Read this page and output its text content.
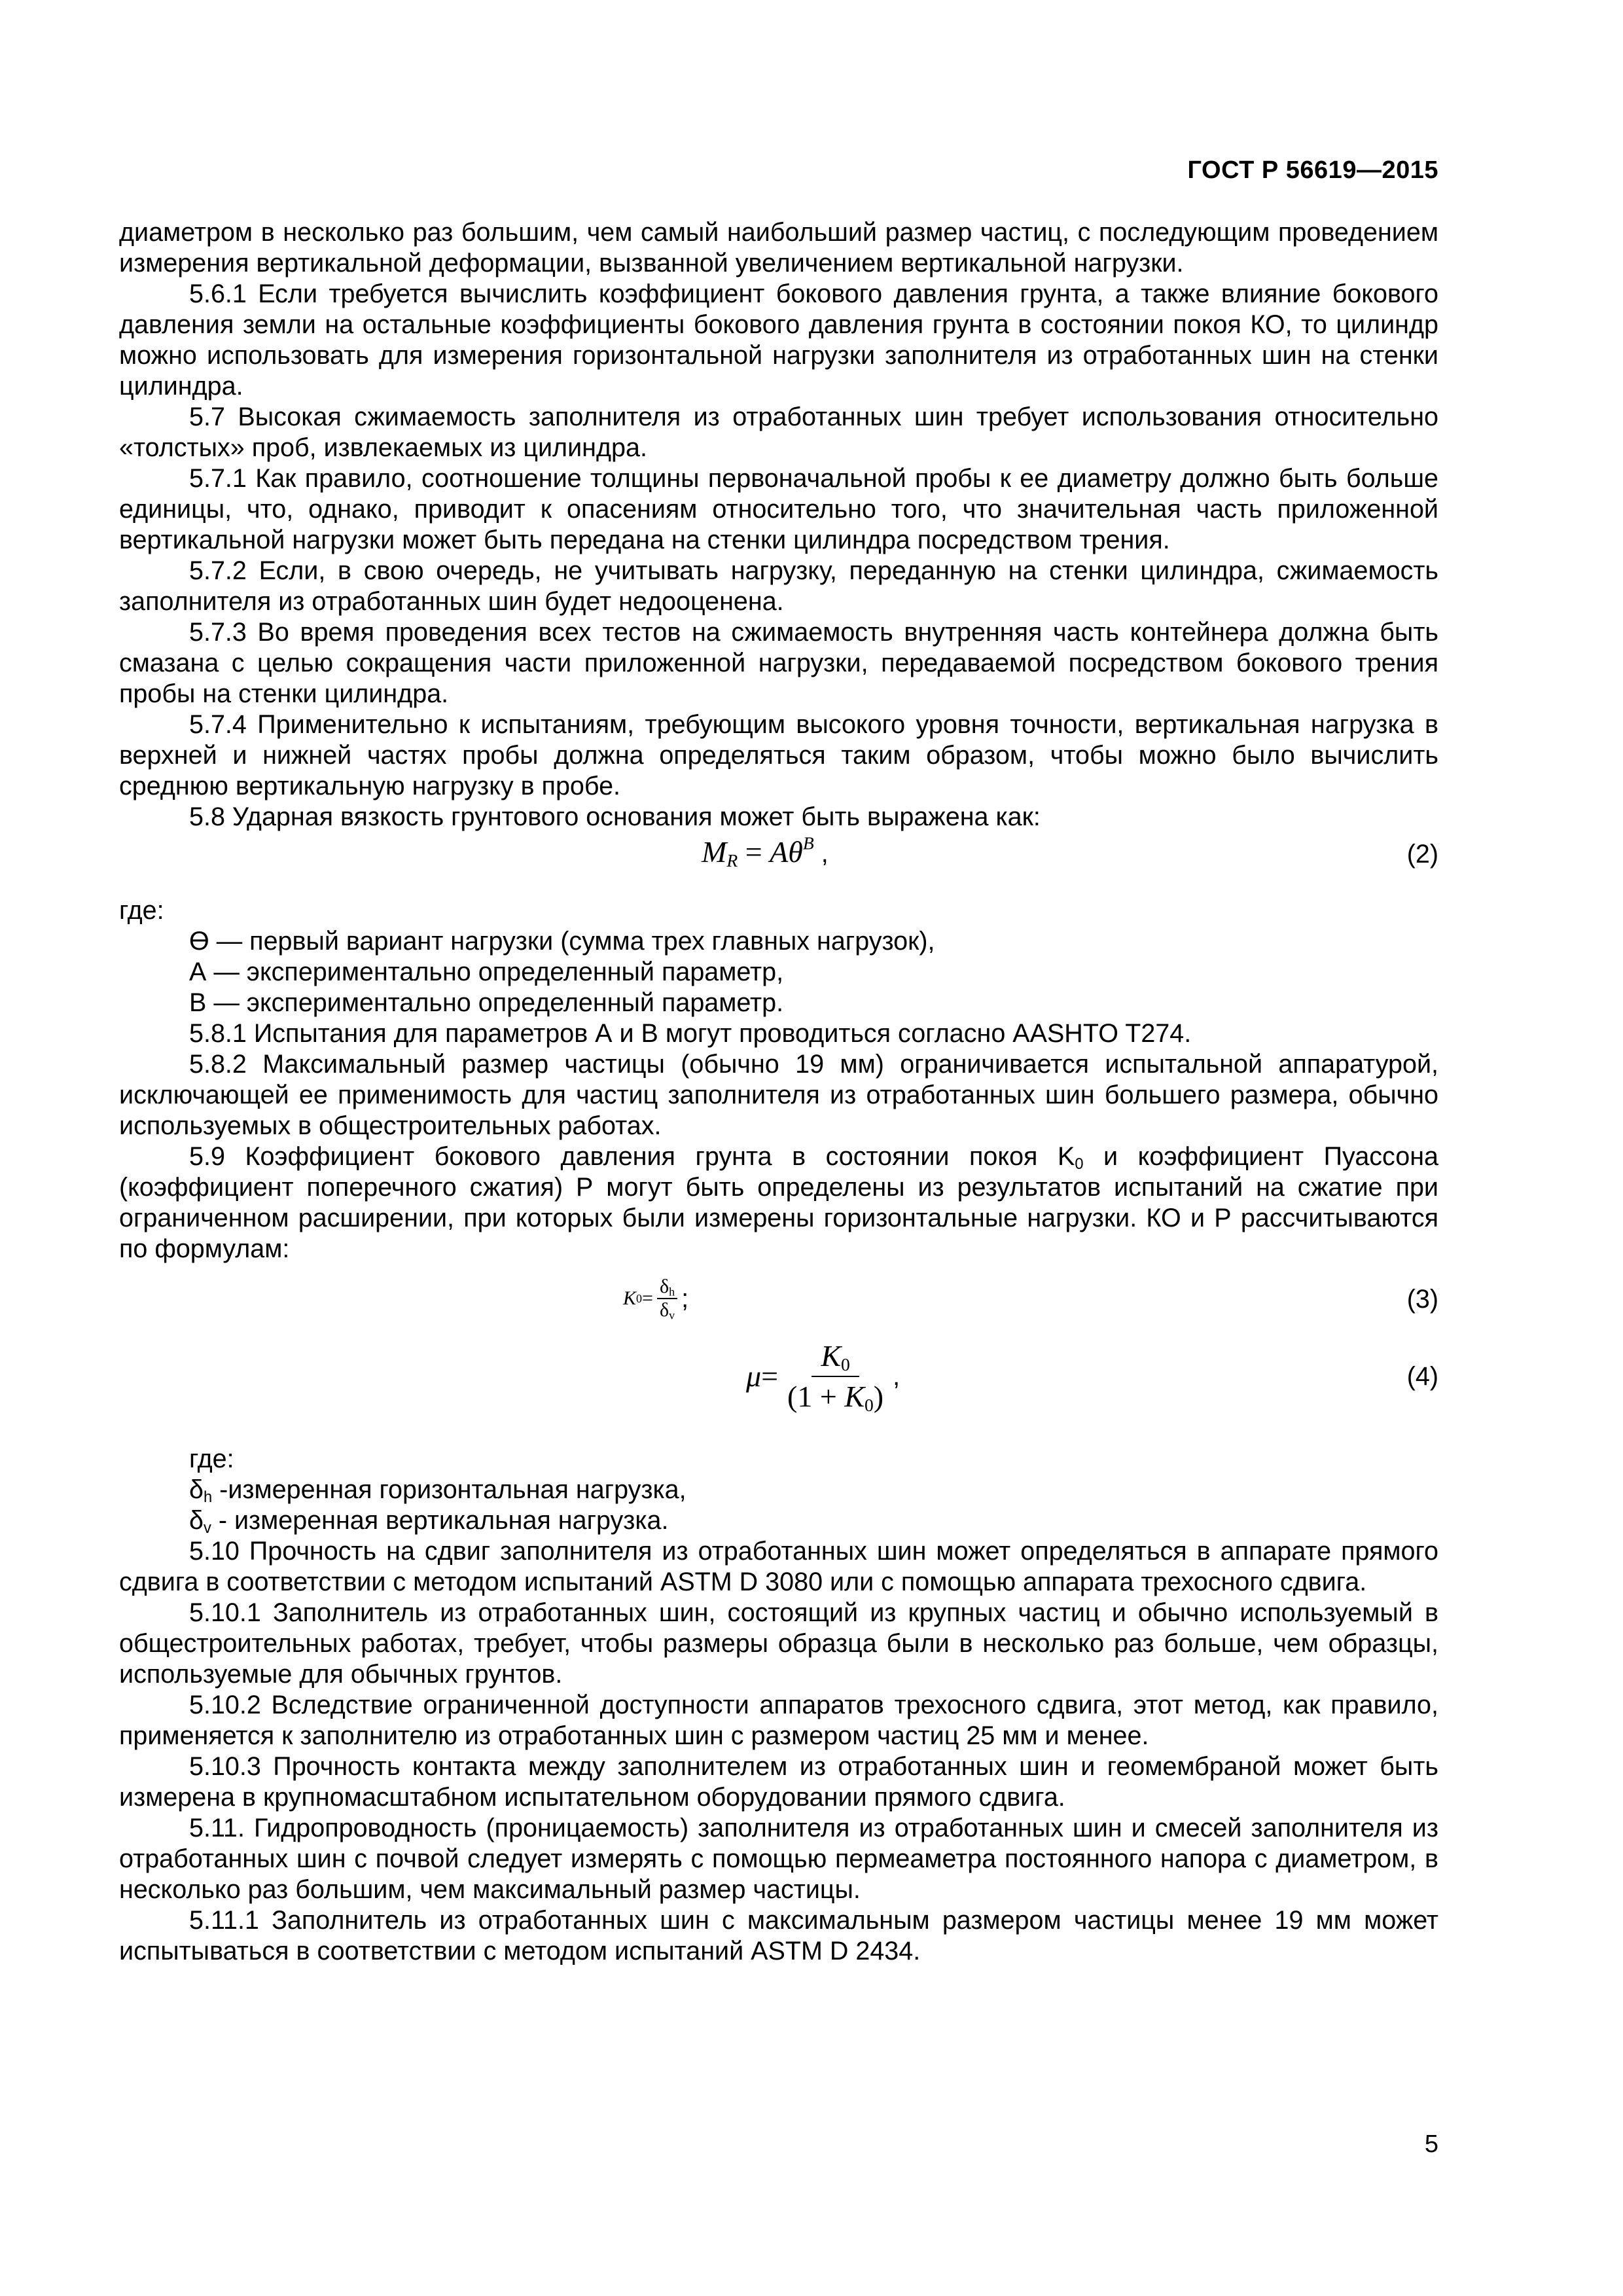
ГОСТ Р 56619—2015

диаметром в несколько раз большим, чем самый наибольший размер частиц, с последующим проведением измерения вертикальной деформации, вызванной увеличением вертикальной нагрузки.

5.6.1 Если требуется вычислить коэффициент бокового давления грунта, а также влияние бокового давления земли на остальные коэффициенты бокового давления грунта в состоянии покоя КО, то цилиндр можно использовать для измерения горизонтальной нагрузки заполнителя из отработанных шин на стенки цилиндра.

5.7 Высокая сжимаемость заполнителя из отработанных шин требует использования относительно «толстых» проб, извлекаемых из цилиндра.

5.7.1 Как правило, соотношение толщины первоначальной пробы к ее диаметру должно быть больше единицы, что, однако, приводит к опасениям относительно того, что значительная часть приложенной вертикальной нагрузки может быть передана на стенки цилиндра посредством трения.

5.7.2 Если, в свою очередь, не учитывать нагрузку, переданную на стенки цилиндра, сжимаемость заполнителя из отработанных шин будет недооценена.

5.7.3 Во время проведения всех тестов на сжимаемость внутренняя часть контейнера должна быть смазана с целью сокращения части приложенной нагрузки, передаваемой посредством бокового трения пробы на стенки цилиндра.

5.7.4 Применительно к испытаниям, требующим высокого уровня точности, вертикальная нагрузка в верхней и нижней частях пробы должна определяться таким образом, чтобы можно было вычислить среднюю вертикальную нагрузку в пробе.

5.8 Ударная вязкость грунтового основания может быть выражена как:

$M_R = A\theta^B$ ,	(2)

где:

Ө — первый вариант нагрузки (сумма трех главных нагрузок),

А — экспериментально определенный параметр,

В — экспериментально определенный параметр.

5.8.1 Испытания для параметров А и В могут проводиться согласно AASHTO T274.

5.8.2 Максимальный размер частицы (обычно 19 мм) ограничивается испытальной аппаратурой, исключающей ее применимость для частиц заполнителя из отработанных шин большего размера, обычно используемых в общестроительных работах.

5.9 Коэффициент бокового давления грунта в состоянии покоя $K_0$ и коэффициент Пуассона (коэффициент поперечного сжатия) Р могут быть определены из результатов испытаний на сжатие при ограниченном расширении, при которых были измерены горизонтальные нагрузки. КО и Р рассчитываются по формулам:

K $0 = \frac{\delta_h}{\delta_v}$ ;	(3)
$\mu = \frac{K_0}{(1 + K_0)}$ ,	(4)

где:

$\delta_h$ -измеренная горизонтальная нагрузка,

$\delta_v$ - измеренная вертикальная нагрузка.

5.10 Прочность на сдвиг заполнителя из отработанных шин может определяться в аппарате прямого сдвига в соответствии с методом испытаний ASTM D 3080 или с помощью аппарата трехосного сдвига.

5.10.1 Заполнитель из отработанных шин, состоящий из крупных частиц и обычно используемый в общестроительных работах, требует, чтобы размеры образца были в несколько раз больше, чем образцы, используемые для обычных грунтов.

5.10.2 Вследствие ограниченной доступности аппаратов трехосного сдвига, этот метод, как правило, применяется к заполнителю из отработанных шин с размером частиц 25 мм и менее.

5.10.3 Прочность контакта между заполнителем из отработанных шин и геомембраной может быть измерена в крупномасштабном испытательном оборудовании прямого сдвига.

5.11. Гидропроводность (проницаемость) заполнителя из отработанных шин и смесей заполнителя из отработанных шин с почвой следует измерять с помощью пермеаметра постоянного напора с диаметром, в несколько раз большим, чем максимальный размер частицы.

5.11.1 Заполнитель из отработанных шин с максимальным размером частицы менее 19 мм может испытываться в соответствии с методом испытаний ASTM D 2434.

5
